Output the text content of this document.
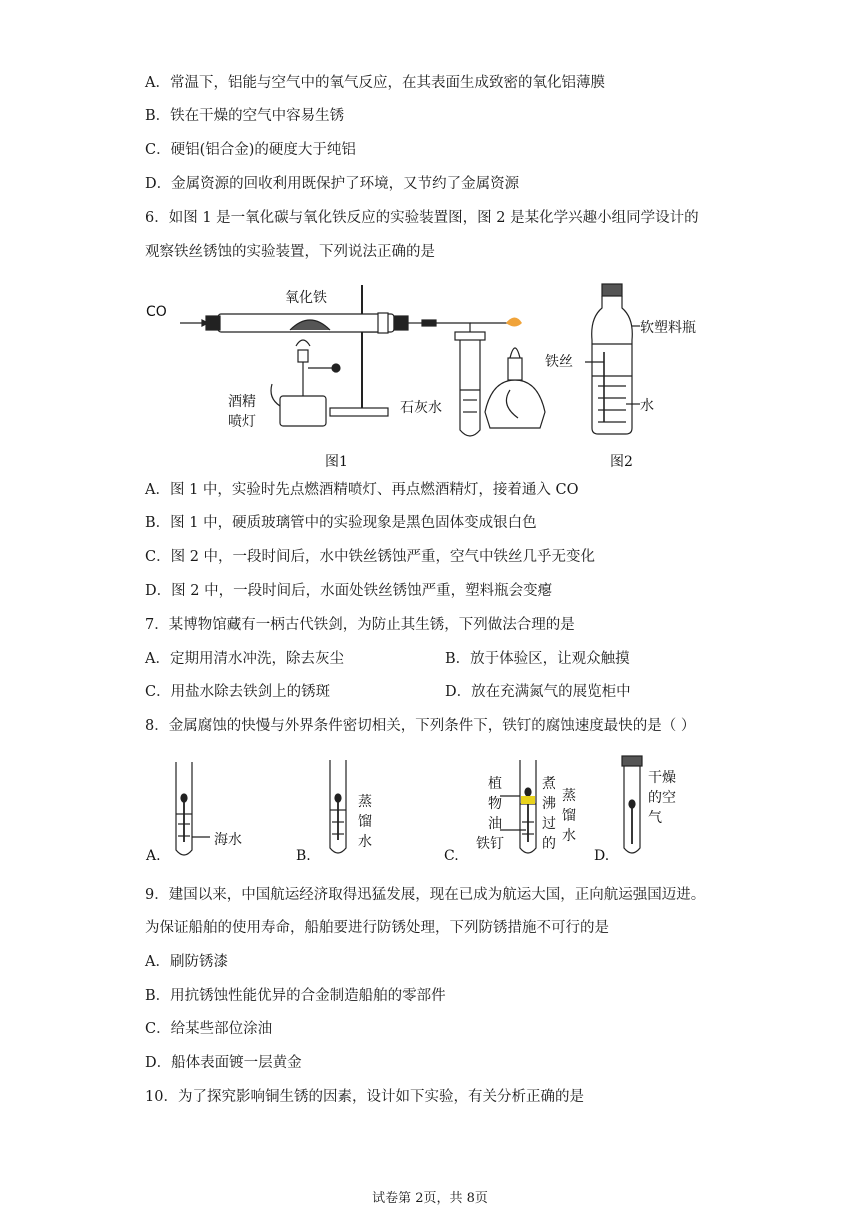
A．常温下，铝能与空气中的氧气反应，在其表面生成致密的氧化铝薄膜
B．铁在干燥的空气中容易生锈
C．硬铝(铝合金)的硬度大于纯铝
D．金属资源的回收利用既保护了环境，又节约了金属资源
6．如图 1 是一氧化碳与氧化铁反应的实验装置图，图 2 是某化学兴趣小组同学设计的
观察铁丝锈蚀的实验装置，下列说法正确的是
CO
氧化铁
酒精
喷灯
石灰水
图1
软塑料瓶
铁丝
水
图2
A．图 1 中，实验时先点燃酒精喷灯、再点燃酒精灯，接着通入 CO
B．图 1 中，硬质玻璃管中的实验现象是黑色固体变成银白色
C．图 2 中，一段时间后，水中铁丝锈蚀严重，空气中铁丝几乎无变化
D．图 2 中，一段时间后，水面处铁丝锈蚀严重，塑料瓶会变瘪
7．某博物馆藏有一柄古代铁剑，为防止其生锈，下列做法合理的是
A．定期用清水冲洗，除去灰尘	B．放于体验区，让观众触摸
C．用盐水除去铁剑上的锈斑	D．放在充满氮气的展览柜中
8．金属腐蚀的快慢与外界条件密切相关，下列条件下，铁钉的腐蚀速度最快的是（ ）
海水
蒸
馏
水
植
物
油
铁钉
煮
沸
过
的
蒸
馏
水
干燥
的空
气
A.	B.	C.	D.
9．建国以来，中国航运经济取得迅猛发展，现在已成为航运大国，正向航运强国迈进。
为保证船舶的使用寿命，船舶要进行防锈处理，下列防锈措施不可行的是
A．刷防锈漆
B．用抗锈蚀性能优异的合金制造船舶的零部件
C．给某些部位涂油
D．船体表面镀一层黄金
10．为了探究影响铜生锈的因素，设计如下实验，有关分析正确的是
试卷第 2页，共 8页
